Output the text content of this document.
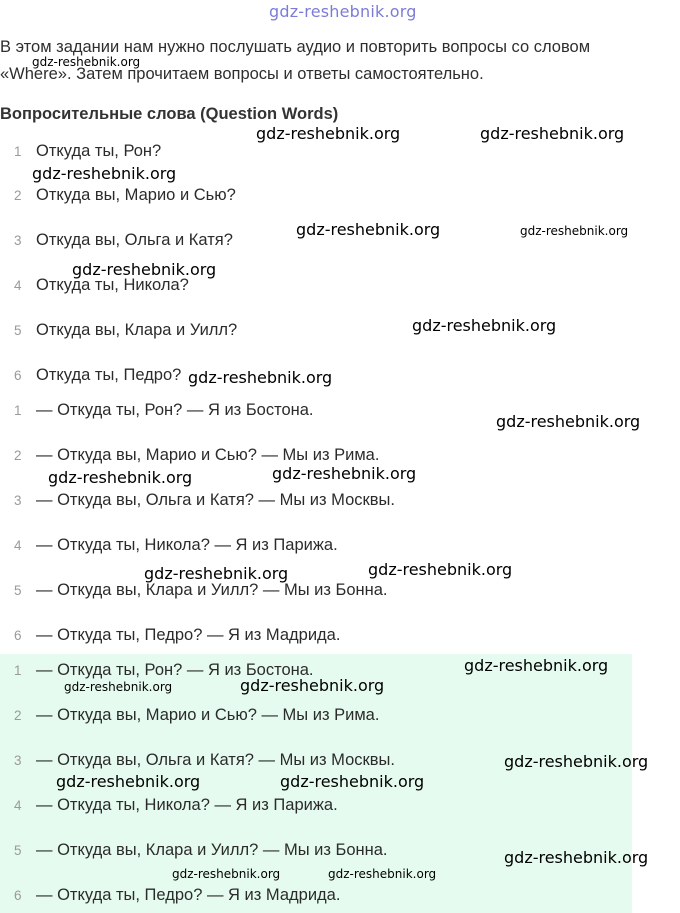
gdz-reshebnik.org

В этом задании нам нужно послушать аудио и повторить вопросы со словом

«Where». Затем прочитаем вопросы и ответы самостоятельно.

Вопросительные слова (Question Words)
1 Откуда ты, Рон?
2 Откуда вы, Марио и Сью?
3 Откуда вы, Ольга и Катя?
4 Откуда ты, Никола?
5 Откуда вы, Клара и Уилл?
6 Откуда ты, Педро?
1 — Откуда ты, Рон? — Я из Бостона.
2 — Откуда вы, Марио и Сью? — Мы из Рима.
3 — Откуда вы, Ольга и Катя? — Мы из Москвы.
4 — Откуда ты, Никола? — Я из Парижа.
5 — Откуда вы, Клара и Уилл? — Мы из Бонна.
6 — Откуда ты, Педро? — Я из Мадрида.
1 — Откуда ты, Рон? — Я из Бостона.
2 — Откуда вы, Марио и Сью? — Мы из Рима.
3 — Откуда вы, Ольга и Катя? — Мы из Москвы.
4 — Откуда ты, Никола? — Я из Парижа.
5 — Откуда вы, Клара и Уилл? — Мы из Бонна.
6 — Откуда ты, Педро? — Я из Мадрида.
gdz-reshebnik.org
gdz-reshebnik.org	gdz-reshebnik.org
gdz-reshebnik.org
gdz-reshebnik.org	gdz-reshebnik.org
gdz-reshebnik.org
gdz-reshebnik.org
gdz-reshebnik.org
gdz-reshebnik.org
gdz-reshebnik.org	gdz-reshebnik.org
gdz-reshebnik.org	gdz-reshebnik.org
gdz-reshebnik.org
gdz-reshebnik.org	gdz-reshebnik.org
gdz-reshebnik.org
gdz-reshebnik.org	gdz-reshebnik.org
gdz-reshebnik.org
gdz-reshebnik.org	gdz-reshebnik.org
